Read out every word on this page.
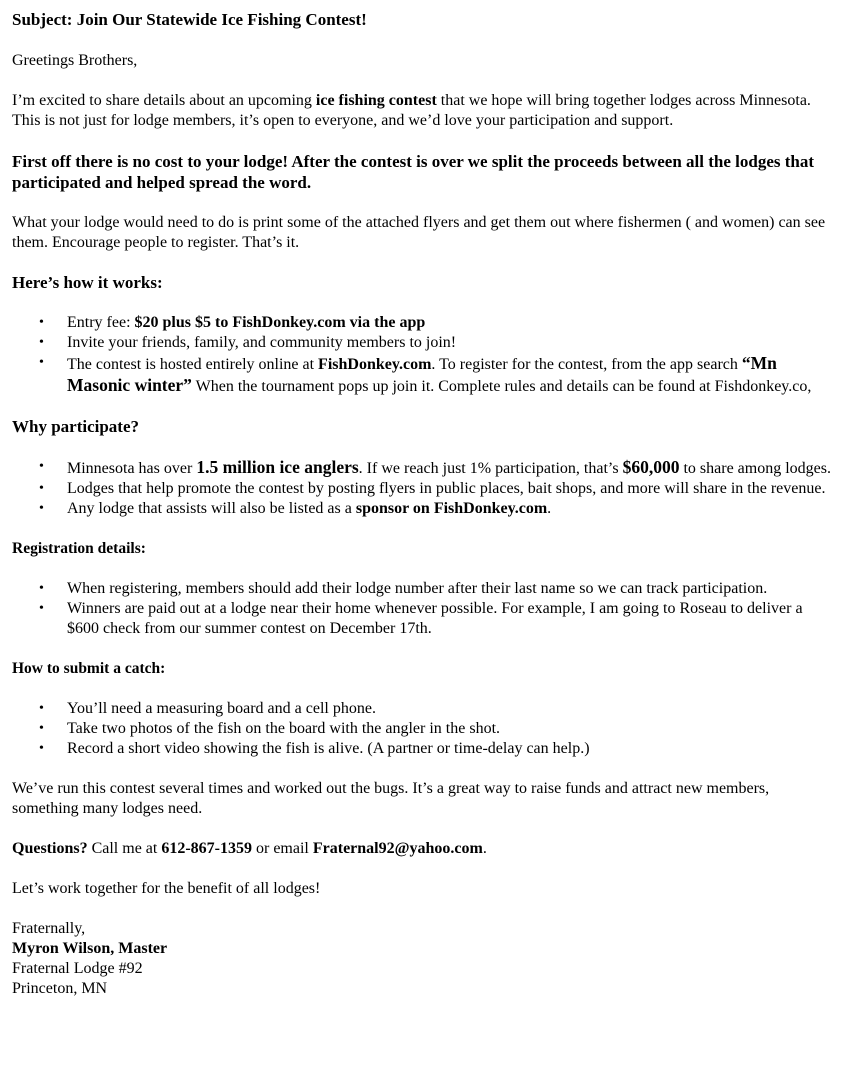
Subject: Join Our Statewide Ice Fishing Contest!

Greetings Brothers,

I’m excited to share details about an upcoming ice fishing contest that we hope will bring together lodges across Minnesota. This is not just for lodge members, it’s open to everyone, and we’d love your participation and support.

First off there is no cost to your lodge! After the contest is over we split the proceeds between all the lodges that participated and helped spread the word.

What your lodge would need to do is print some of the attached flyers and get them out where fishermen ( and women) can see them. Encourage people to register. That’s it.

Here’s how it works:

• Entry fee: $20 plus $5 to FishDonkey.com via the app
• Invite your friends, family, and community members to join!
• The contest is hosted entirely online at FishDonkey.com. To register for the contest, from the app search “Mn Masonic winter” When the tournament pops up join it. Complete rules and details can be found at Fishdonkey.co,

Why participate?

• Minnesota has over 1.5 million ice anglers. If we reach just 1% participation, that’s $60,000 to share among lodges.
• Lodges that help promote the contest by posting flyers in public places, bait shops, and more will share in the revenue.
• Any lodge that assists will also be listed as a sponsor on FishDonkey.com.

Registration details:

• When registering, members should add their lodge number after their last name so we can track participation.
• Winners are paid out at a lodge near their home whenever possible. For example, I am going to Roseau to deliver a $600 check from our summer contest on December 17th.

How to submit a catch:

• You’ll need a measuring board and a cell phone.
• Take two photos of the fish on the board with the angler in the shot.
• Record a short video showing the fish is alive. (A partner or time-delay can help.)

We’ve run this contest several times and worked out the bugs. It’s a great way to raise funds and attract new members, something many lodges need.

Questions? Call me at 612-867-1359 or email Fraternal92@yahoo.com.

Let’s work together for the benefit of all lodges!

Fraternally,

Myron Wilson, Master

Fraternal Lodge #92

Princeton, MN
